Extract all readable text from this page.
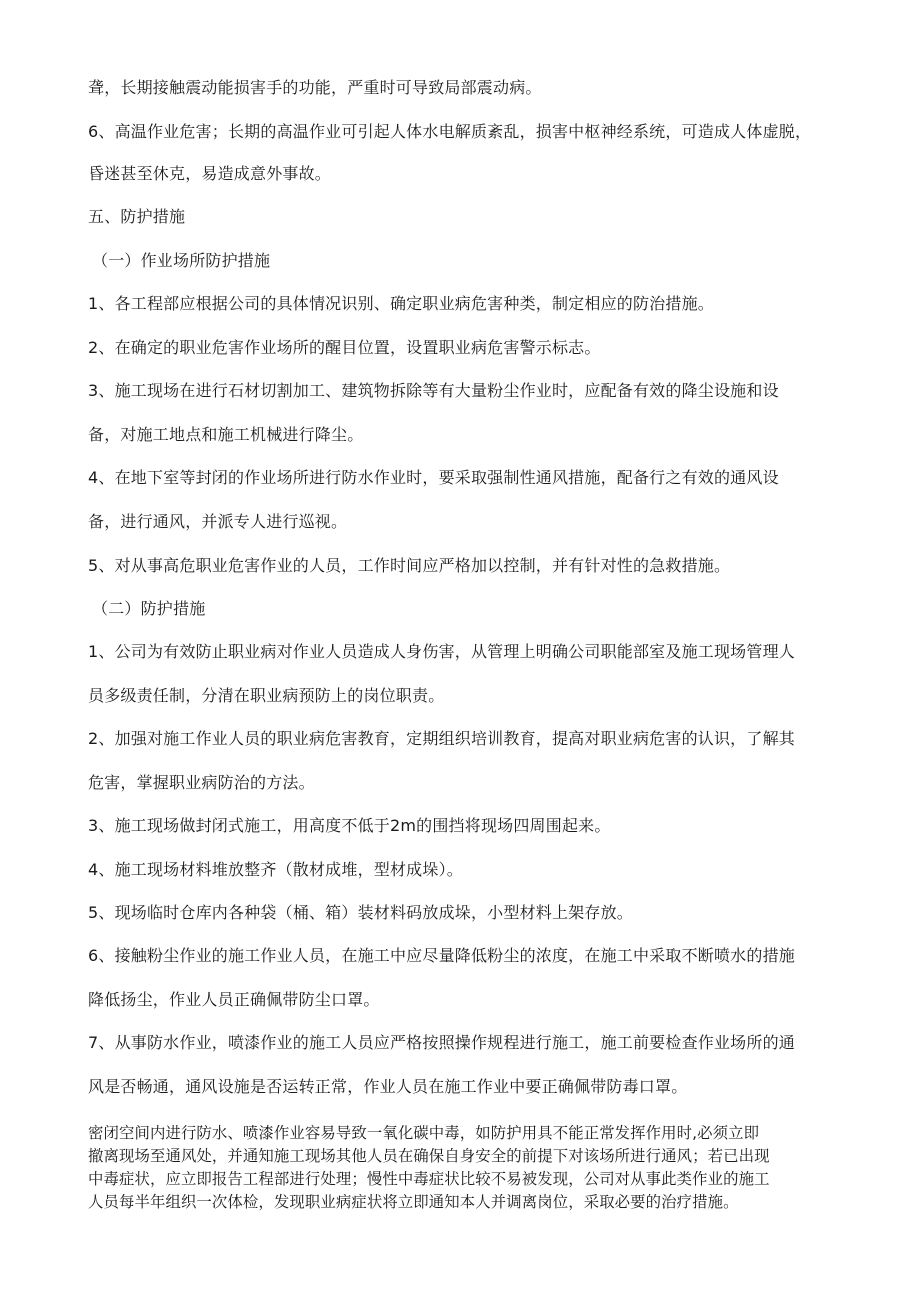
聋，长期接触震动能损害手的功能，严重时可导致局部震动病。
6、高温作业危害；长期的高温作业可引起人体水电解质紊乱，损害中枢神经系统，可造成人体虚脱，
昏迷甚至休克，易造成意外事故。
五、防护措施
（一）作业场所防护措施
1、各工程部应根据公司的具体情况识别、确定职业病危害种类，制定相应的防治措施。
2、在确定的职业危害作业场所的醒目位置，设置职业病危害警示标志。
3、施工现场在进行石材切割加工、建筑物拆除等有大量粉尘作业时，应配备有效的降尘设施和设
备，对施工地点和施工机械进行降尘。
4、在地下室等封闭的作业场所进行防水作业时，要采取强制性通风措施，配备行之有效的通风设
备，进行通风，并派专人进行巡视。
5、对从事高危职业危害作业的人员，工作时间应严格加以控制，并有针对性的急救措施。
（二）防护措施
1、公司为有效防止职业病对作业人员造成人身伤害，从管理上明确公司职能部室及施工现场管理人
员多级责任制，分清在职业病预防上的岗位职责。
2、加强对施工作业人员的职业病危害教育，定期组织培训教育，提高对职业病危害的认识，了解其
危害，掌握职业病防治的方法。
3、施工现场做封闭式施工，用高度不低于2m的围挡将现场四周围起来。
4、施工现场材料堆放整齐（散材成堆，型材成垛）。
5、现场临时仓库内各种袋（桶、箱）装材料码放成垛，小型材料上架存放。
6、接触粉尘作业的施工作业人员，在施工中应尽量降低粉尘的浓度，在施工中采取不断喷水的措施
降低扬尘，作业人员正确佩带防尘口罩。
7、从事防水作业，喷漆作业的施工人员应严格按照操作规程进行施工，施工前要检查作业场所的通
风是否畅通，通风设施是否运转正常，作业人员在施工作业中要正确佩带防毒口罩。

密闭空间内进行防水、喷漆作业容易导致一氧化碳中毒，如防护用具不能正常发挥作用时,必须立即

撤离现场至通风处，并通知施工现场其他人员在确保自身安全的前提下对该场所进行通风；若已出现

中毒症状，应立即报告工程部进行处理；慢性中毒症状比较不易被发现，公司对从事此类作业的施工

人员每半年组织一次体检，发现职业病症状将立即通知本人并调离岗位，采取必要的治疗措施。
